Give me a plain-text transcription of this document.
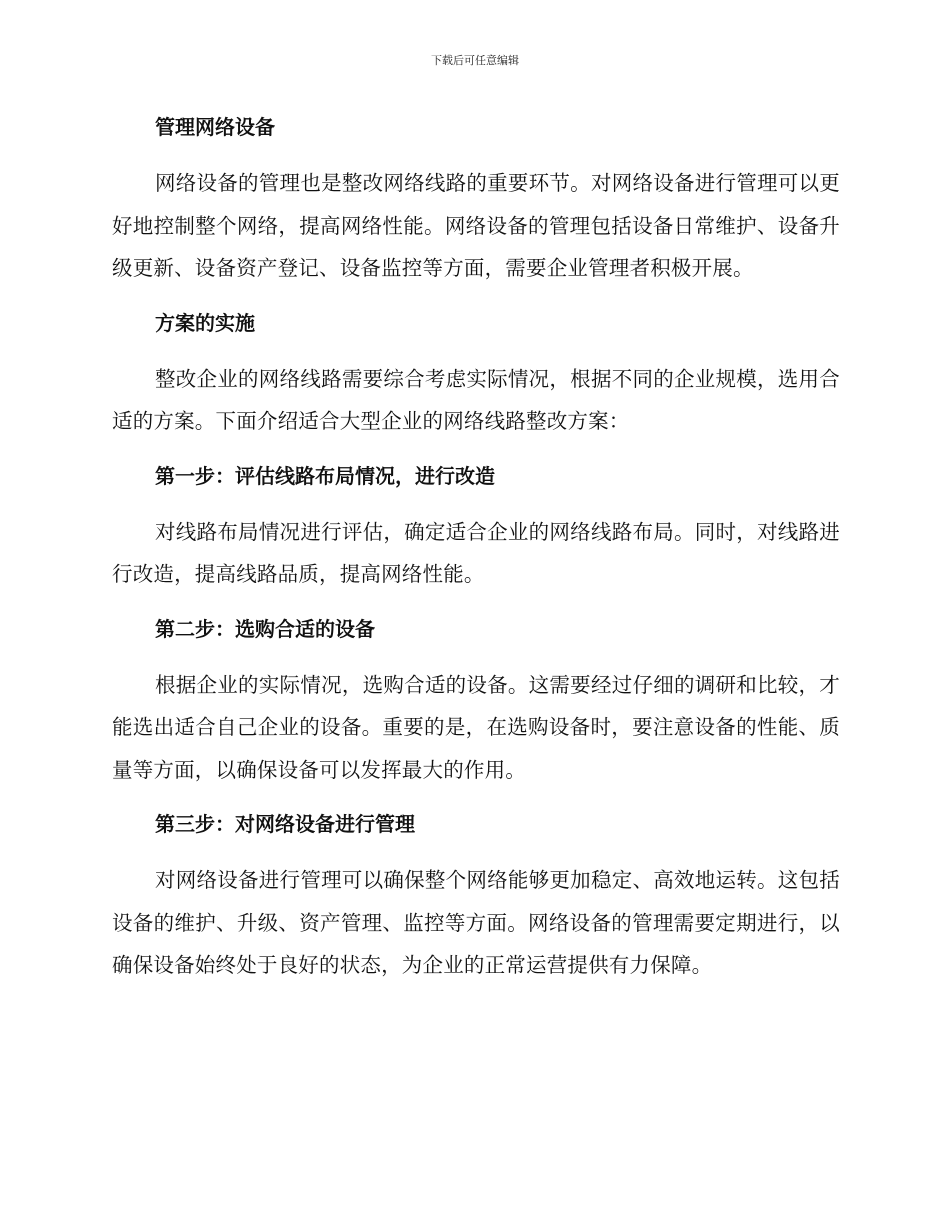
下载后可任意编辑
管理网络设备

网络设备的管理也是整改网络线路的重要环节。对网络设备进行管理可以更好地控制整个网络，提高网络性能。网络设备的管理包括设备日常维护、设备升级更新、设备资产登记、设备监控等方面，需要企业管理者积极开展。

方案的实施

整改企业的网络线路需要综合考虑实际情况，根据不同的企业规模，选用合适的方案。下面介绍适合大型企业的网络线路整改方案：

第一步：评估线路布局情况，进行改造

对线路布局情况进行评估，确定适合企业的网络线路布局。同时，对线路进行改造，提高线路品质，提高网络性能。

第二步：选购合适的设备

根据企业的实际情况，选购合适的设备。这需要经过仔细的调研和比较，才能选出适合自己企业的设备。重要的是，在选购设备时，要注意设备的性能、质量等方面，以确保设备可以发挥最大的作用。

第三步：对网络设备进行管理

对网络设备进行管理可以确保整个网络能够更加稳定、高效地运转。这包括设备的维护、升级、资产管理、监控等方面。网络设备的管理需要定期进行，以确保设备始终处于良好的状态，为企业的正常运营提供有力保障。
